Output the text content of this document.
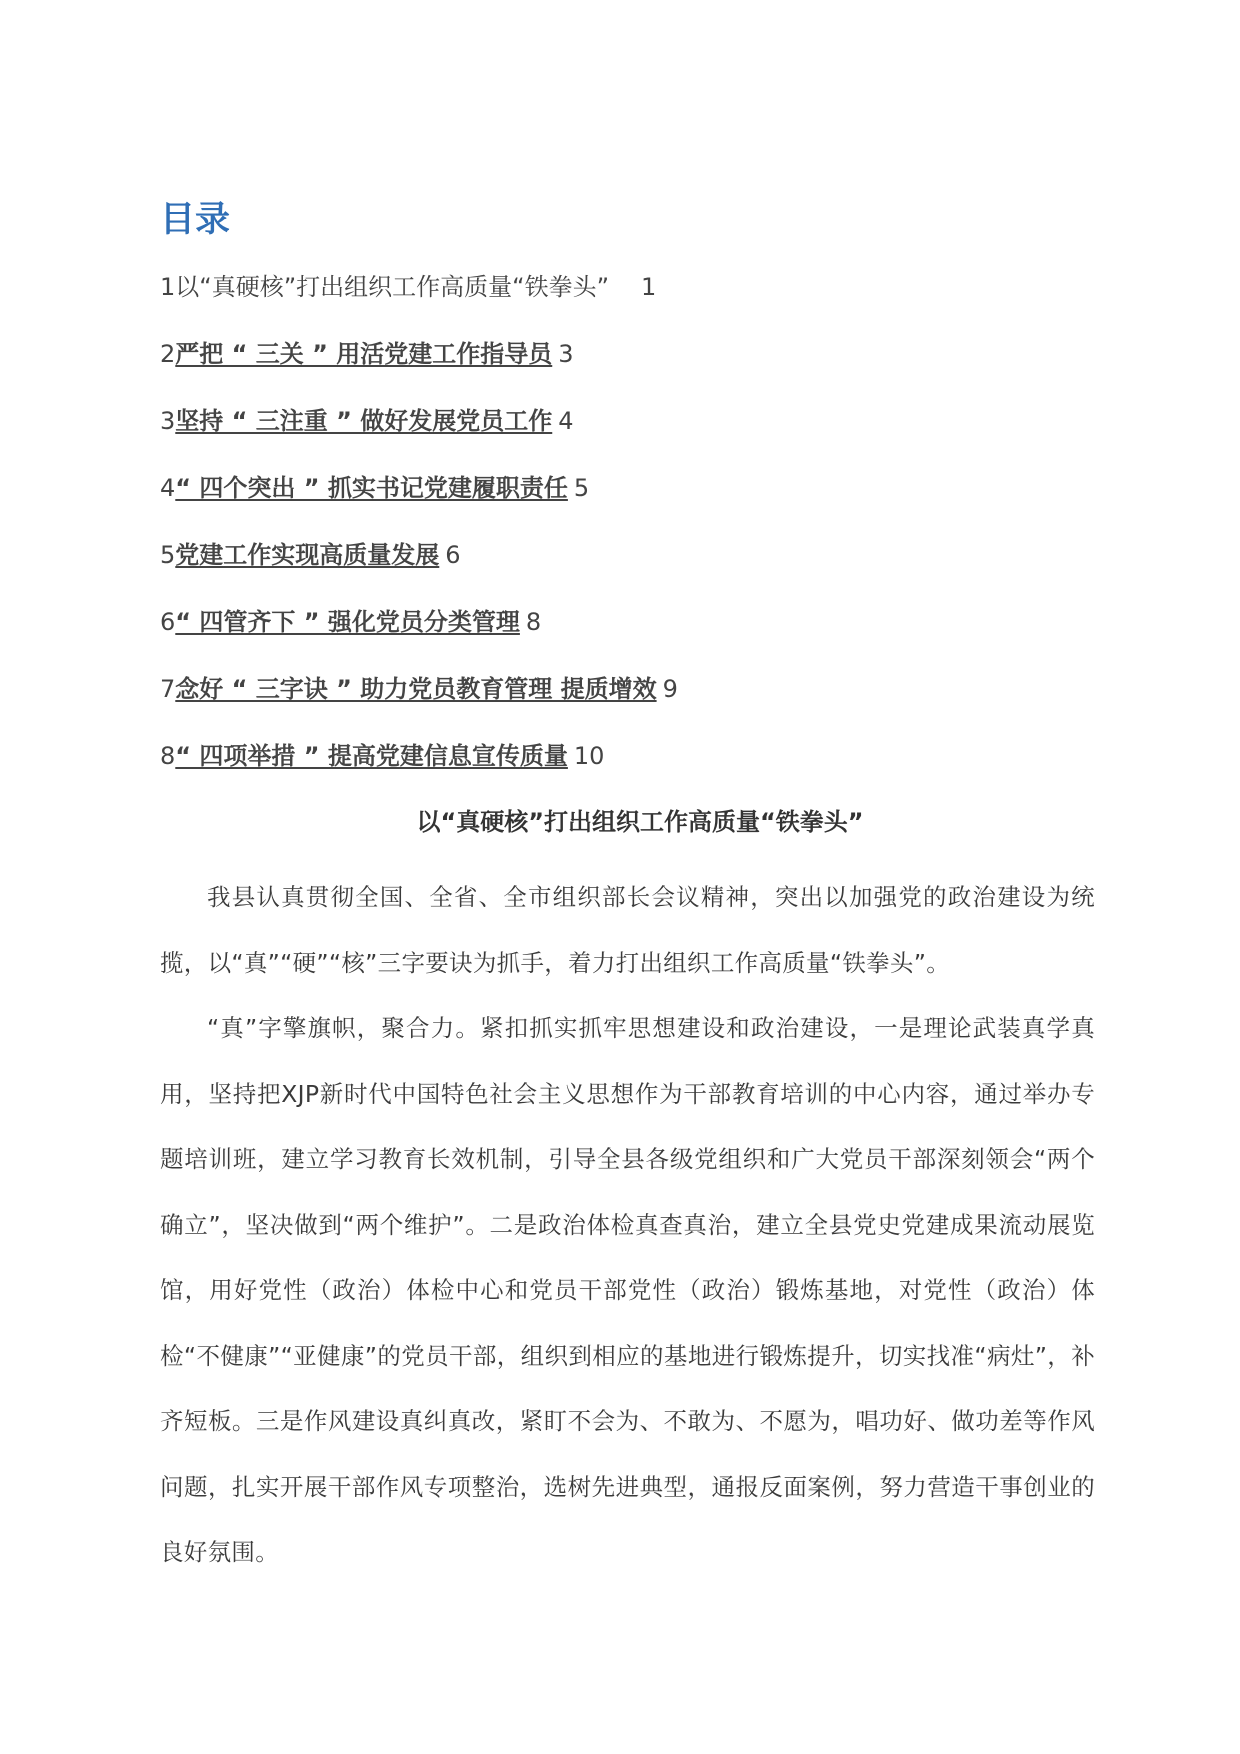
目录
1以“真硬核”打出组织工作高质量“铁拳头” 1
2严把 “ 三关 ” 用活党建工作指导员 3
3坚持 “ 三注重 ” 做好发展党员工作 4
4“ 四个突出 ” 抓实书记党建履职责任 5
5党建工作实现高质量发展 6
6“ 四管齐下 ” 强化党员分类管理 8
7念好 “ 三字诀 ” 助力党员教育管理 提质增效 9
8“ 四项举措 ” 提高党建信息宣传质量 10
以“真硬核”打出组织工作高质量“铁拳头”

我县认真贯彻全国、全省、全市组织部长会议精神，突出以加强党的政治建设为统揽，以“真”“硬”“核”三字要诀为抓手，着力打出组织工作高质量“铁拳头”。

“真”字擎旗帜，聚合力。紧扣抓实抓牢思想建设和政治建设，一是理论武装真学真用，坚持把XJP新时代中国特色社会主义思想作为干部教育培训的中心内容，通过举办专题培训班，建立学习教育长效机制，引导全县各级党组织和广大党员干部深刻领会“两个确立”，坚决做到“两个维护”。二是政治体检真查真治，建立全县党史党建成果流动展览馆，用好党性（政治）体检中心和党员干部党性（政治）锻炼基地，对党性（政治）体检“不健康”“亚健康”的党员干部，组织到相应的基地进行锻炼提升，切实找准“病灶”，补齐短板。三是作风建设真纠真改，紧盯不会为、不敢为、不愿为，唱功好、做功差等作风问题，扎实开展干部作风专项整治，选树先进典型，通报反面案例，努力营造干事创业的良好氛围。
